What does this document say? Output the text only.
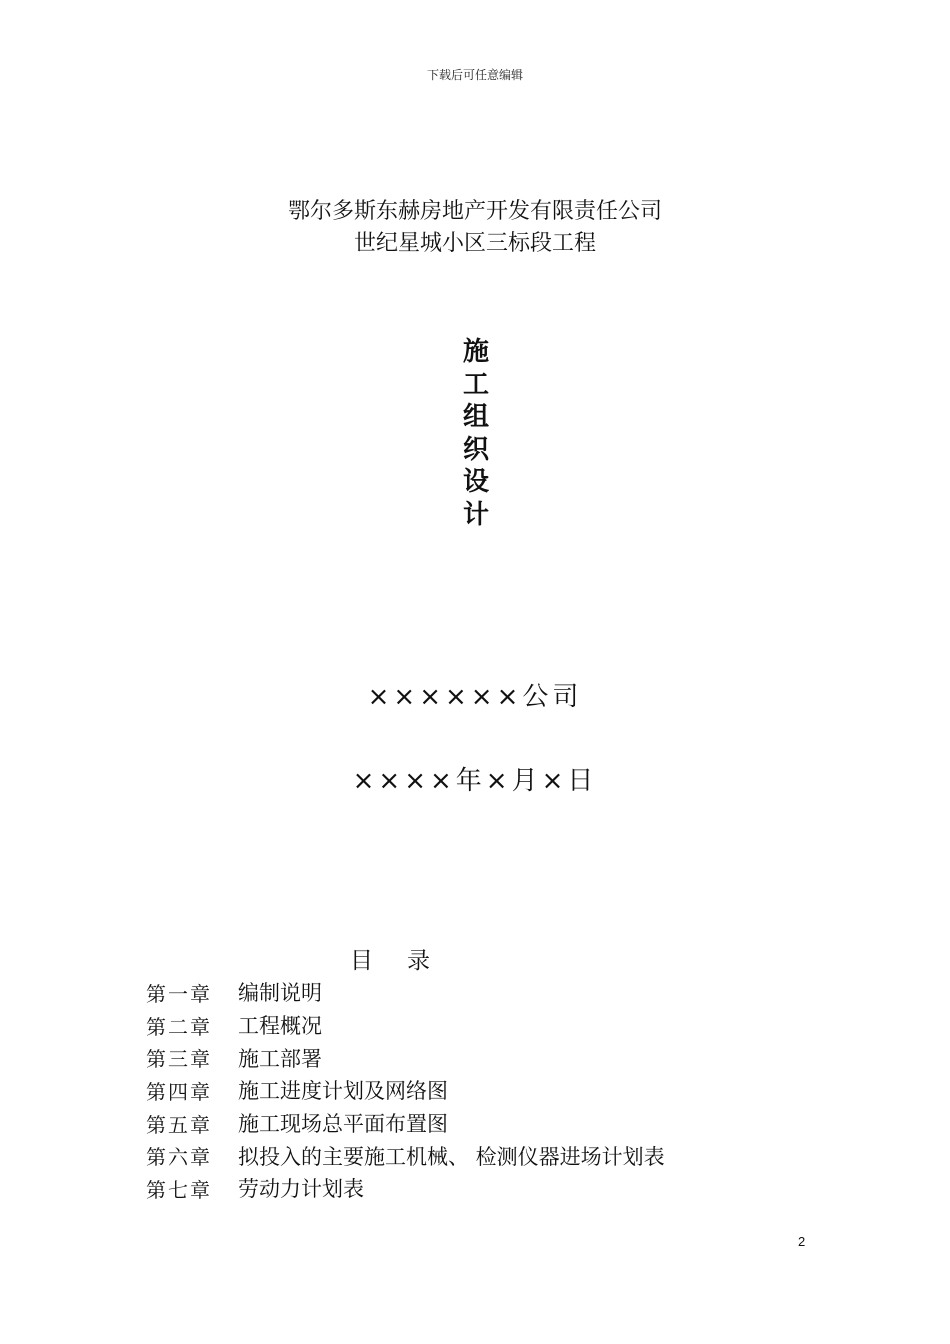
下载后可任意编辑
鄂尔多斯东赫房地产开发有限责任公司
世纪星城小区三标段工程
施
工
组
织
设
计
××××××公司
××××年×月×日
目 录
第一章	编制说明
第二章	工程概况
第三章	施工部署
第四章	施工进度计划及网络图
第五章	施工现场总平面布置图
第六章	拟投入的主要施工机械、 检测仪器进场计划表
第七章	劳动力计划表
2
